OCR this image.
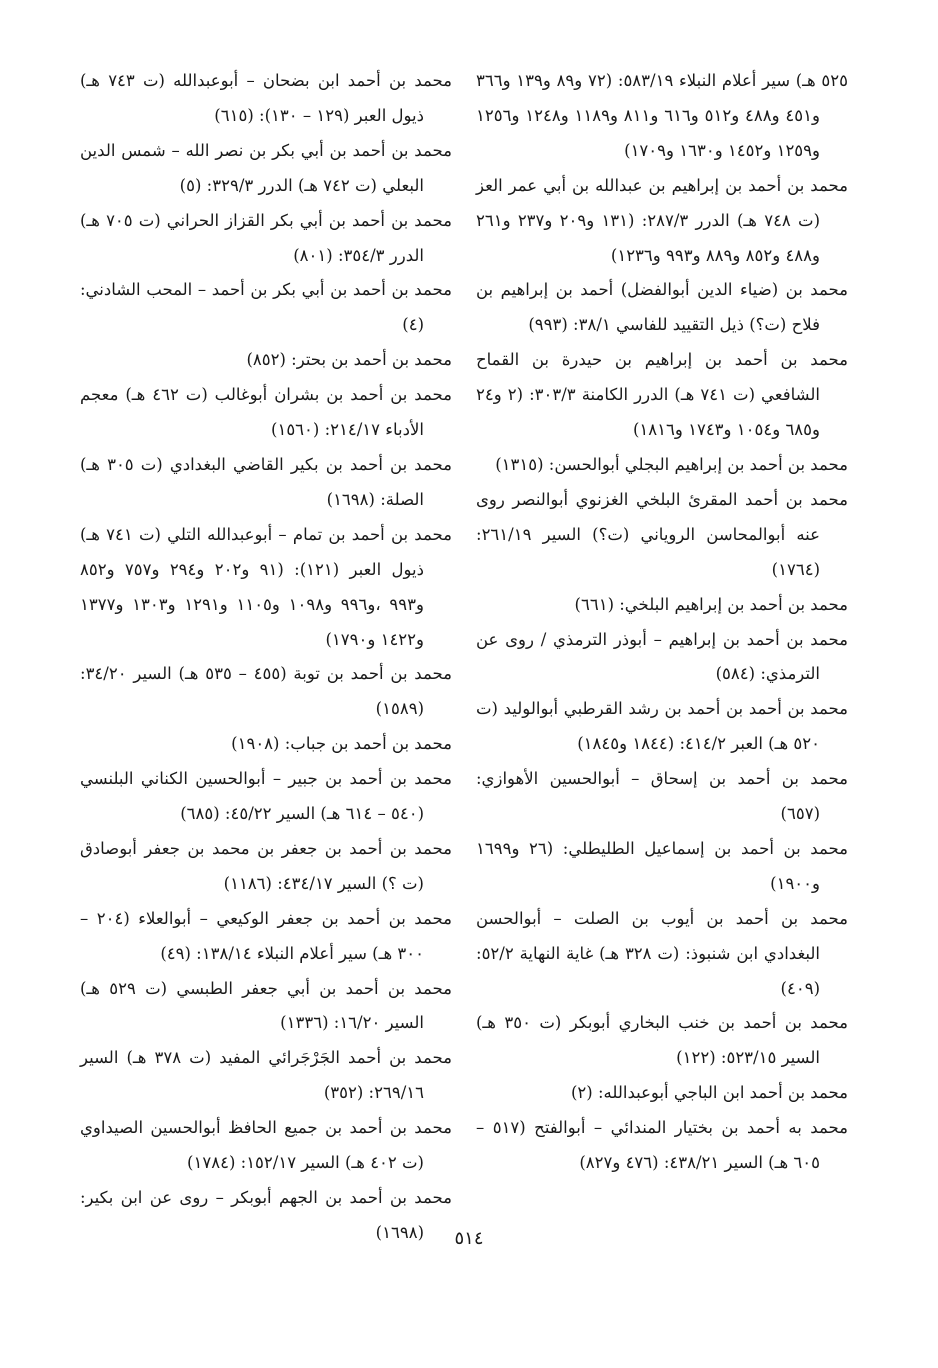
٥٢٥ هـ) سير أعلام النبلاء ٥٨٣/١٩: (٧٢ و٨٩ و١٣٩ و٣٦٦ و٤٥١ و٤٨٨ و٥١٢ و٦١٦ و٨١١ و١١٨٩ و١٢٤٨ و١٢٥٦ و١٢٥٩ و١٤٥٢ و١٦٣٠ و١٧٠٩)

محمد بن أحمد بن إبراهيم بن عبدالله بن أبي عمر العز (ت ٧٤٨ هـ) الدرر ٢٨٧/٣: (١٣١ و٢٠٩ و٢٣٧ و٢٦١ و٤٨٨ و٨٥٢ و٨٨٩ و٩٩٣ و١٢٣٦)

محمد بن (ضياء الدين أبوالفضل) أحمد بن إبراهيم بن فلاح (ت؟) ذيل التقييد للفاسي ٣٨/١: (٩٩٣)

محمد بن أحمد بن إبراهيم بن حيدرة بن القماح الشافعي (ت ٧٤١ هـ) الدرر الكامنة ٣٠٣/٣: (٢ و٢٤ و٦٨٥ و١٠٥٤ و١٧٤٣ و١٨١٦)

محمد بن أحمد بن إبراهيم البجلي أبوالحسن: (١٣١٥)

محمد بن أحمد المقرئ البلخي الغزنوي أبوالنصر روى عنه أبوالمحاسن الروياني (ت؟) السير ٢٦١/١٩: (١٧٦٤)

محمد بن أحمد بن إبراهيم البلخي: (٦٦١)

محمد بن أحمد بن إبراهيم – أبوذر الترمذي / روى عن الترمذي: (٥٨٤)

محمد بن أحمد بن أحمد بن رشد القرطبي أبوالوليد (ت ٥٢٠ هـ) العبر ٤١٤/٢: (١٨٤٤ و١٨٤٥)

محمد بن أحمد بن إسحاق – أبوالحسين الأهوازي: (٦٥٧)

محمد بن أحمد بن إسماعيل الطليطلي: (٢٦ و١٦٩٩ و١٩٠٠)

محمد بن أحمد بن أيوب بن الصلت – أبوالحسن البغدادي ابن شنبوذ: (ت ٣٢٨ هـ) غاية النهاية ٥٢/٢: (٤٠٩)

محمد بن أحمد بن خنب البخاري أبوبكر (ت ٣٥٠ هـ) السير ٥٢٣/١٥: (١٢٢)

محمد بن أحمد ابن الباجي أبوعبدالله: (٢)

محمد به أحمد بن بختيار المندائي – أبوالفتح (٥١٧ – ٦٠٥ هـ) السير ٤٣٨/٢١: (٤٧٦ و٨٢٧)

محمد بن أحمد ابن بضحان – أبوعبدالله (ت ٧٤٣ هـ) ذيول العبر (١٢٩ – ١٣٠): (٦١٥)

محمد بن أحمد بن أبي بكر بن نصر الله – شمس الدين البعلي (ت ٧٤٢ هـ) الدرر ٣٢٩/٣: (٥)

محمد بن أحمد بن أبي بكر القزاز الحراني (ت ٧٠٥ هـ) الدرر ٣٥٤/٣: (٨٠١)

محمد بن أحمد بن أبي بكر بن أحمد – المحب الشادني: (٤)

محمد بن أحمد بن بحتر: (٨٥٢)

محمد بن أحمد بن بشران أبوغالب (ت ٤٦٢ هـ) معجم الأدباء ٢١٤/١٧: (١٥٦٠)

محمد بن أحمد بن بكير القاضي البغدادي (ت ٣٠٥ هـ) الصلة: (١٦٩٨)

محمد بن أحمد بن تمام – أبوعبدالله التلي (ت ٧٤١ هـ) ذيول العبر (١٢١): (٩١ و٢٠٢ و٢٩٤ و٧٥٧ و٨٥٢ و٩٩٣ ،و٩٩٦ و١٠٩٨ و١١٠٥ و١٢٩١ و١٣٠٣ و١٣٧٧ و١٤٢٢ و١٧٩٠)

محمد بن أحمد بن توبة (٤٥٥ – ٥٣٥ هـ) السير ٣٤/٢٠: (١٥٨٩)

محمد بن أحمد بن جباب: (١٩٠٨)

محمد بن أحمد بن جبير – أبوالحسين الكناني البلنسي (٥٤٠ – ٦١٤ هـ) السير ٤٥/٢٢: (٦٨٥)

محمد بن أحمد بن جعفر بن محمد بن جعفر أبوصادق (ت ؟) السير ٤٣٤/١٧: (١١٨٦)

محمد بن أحمد بن جعفر الوكيعي – أبوالعلاء (٢٠٤ – ٣٠٠ هـ) سير أعلام النبلاء ١٣٨/١٤: (٤٩)

محمد بن أحمد بن أبي جعفر الطبسي (ت ٥٢٩ هـ) السير ١٦/٢٠: (١٣٣٦)

محمد بن أحمد الجَرْجَرائي المفيد (ت ٣٧٨ هـ) السير ٢٦٩/١٦: (٣٥٢)

محمد بن أحمد بن جميع الحافظ أبوالحسين الصيداوي (ت ٤٠٢ هـ) السير ١٥٢/١٧: (١٧٨٤)

محمد بن أحمد بن الجهم أبوبكر – روى عن ابن بكير: (١٦٩٨)	٥١٤
